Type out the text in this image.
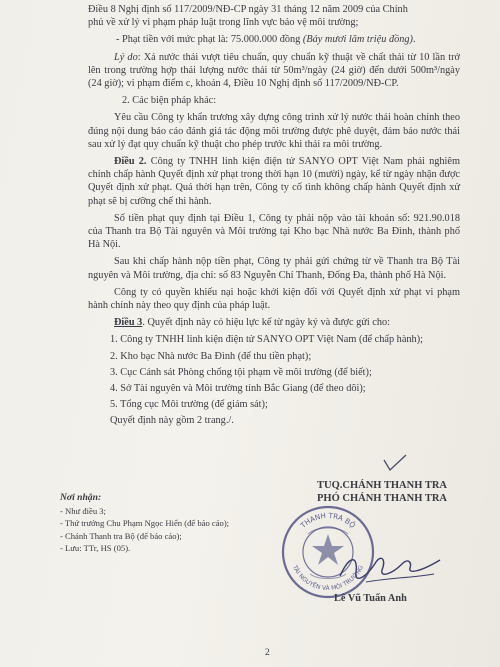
Điều 8 Nghị định số 117/2009/NĐ-CP ngày 31 tháng 12 năm 2009 của Chính
phủ về xử lý vi phạm pháp luật trong lĩnh vực bảo vệ môi trường;
- Phạt tiền với mức phạt là: 75.000.000 đồng (Bảy mươi lăm triệu đồng).
Lý do: Xả nước thải vượt tiêu chuẩn, quy chuẩn kỹ thuật về chất thải từ 10 lần trở lên trong trường hợp thải lượng nước thải từ 50m³/ngày (24 giờ) đến dưới 500m³/ngày (24 giờ); vi phạm điểm c, khoản 4, Điều 10 Nghị định số 117/2009/NĐ-CP.
2. Các biện pháp khác:
Yêu cầu Công ty khẩn trương xây dựng công trình xử lý nước thải hoàn chỉnh theo đúng nội dung báo cáo đánh giá tác động môi trường được phê duyệt, đảm bảo nước thải sau xử lý đạt quy chuẩn kỹ thuật cho phép trước khi thải ra môi trường.
Điều 2. Công ty TNHH linh kiện điện tử SANYO OPT Việt Nam phải nghiêm chỉnh chấp hành Quyết định xử phạt trong thời hạn 10 (mười) ngày, kể từ ngày nhận được Quyết định xử phạt. Quá thời hạn trên, Công ty cố tình không chấp hành Quyết định xử phạt sẽ bị cưỡng chế thi hành.
Số tiền phạt quy định tại Điều 1, Công ty phải nộp vào tài khoản số: 921.90.018 của Thanh tra Bộ Tài nguyên và Môi trường tại Kho bạc Nhà nước Ba Đình, thành phố Hà Nội.
Sau khi chấp hành nộp tiền phạt, Công ty phải gửi chứng từ về Thanh tra Bộ Tài nguyên và Môi trường, địa chỉ: số 83 Nguyễn Chí Thanh, Đống Đa, thành phố Hà Nội.
Công ty có quyền khiếu nại hoặc khởi kiện đối với Quyết định xử phạt vi phạm hành chính này theo quy định của pháp luật.
Điều 3. Quyết định này có hiệu lực kể từ ngày ký và được gửi cho:
1. Công ty TNHH linh kiện điện tử SANYO OPT Việt Nam (để chấp hành);
2. Kho bạc Nhà nước Ba Đình (để thu tiền phạt);
3. Cục Cảnh sát Phòng chống tội phạm về môi trường (để biết);
4. Sở Tài nguyên và Môi trường tỉnh Bắc Giang (để theo dõi);
5. Tổng cục Môi trường (để giám sát);
Quyết định này gồm 2 trang./.
TUQ.CHÁNH THANH TRA
PHÓ CHÁNH THANH TRA
THANH TRA BỘ
TÀI NGUYÊN VÀ MÔI TRƯỜNG
Lê Vũ Tuấn Anh
Nơi nhận:
- Như điều 3;
- Thứ trưởng Chu Phạm Ngọc Hiển (để báo cáo);
- Chánh Thanh tra Bộ (để báo cáo);
- Lưu: TTr, HS (05).
2
